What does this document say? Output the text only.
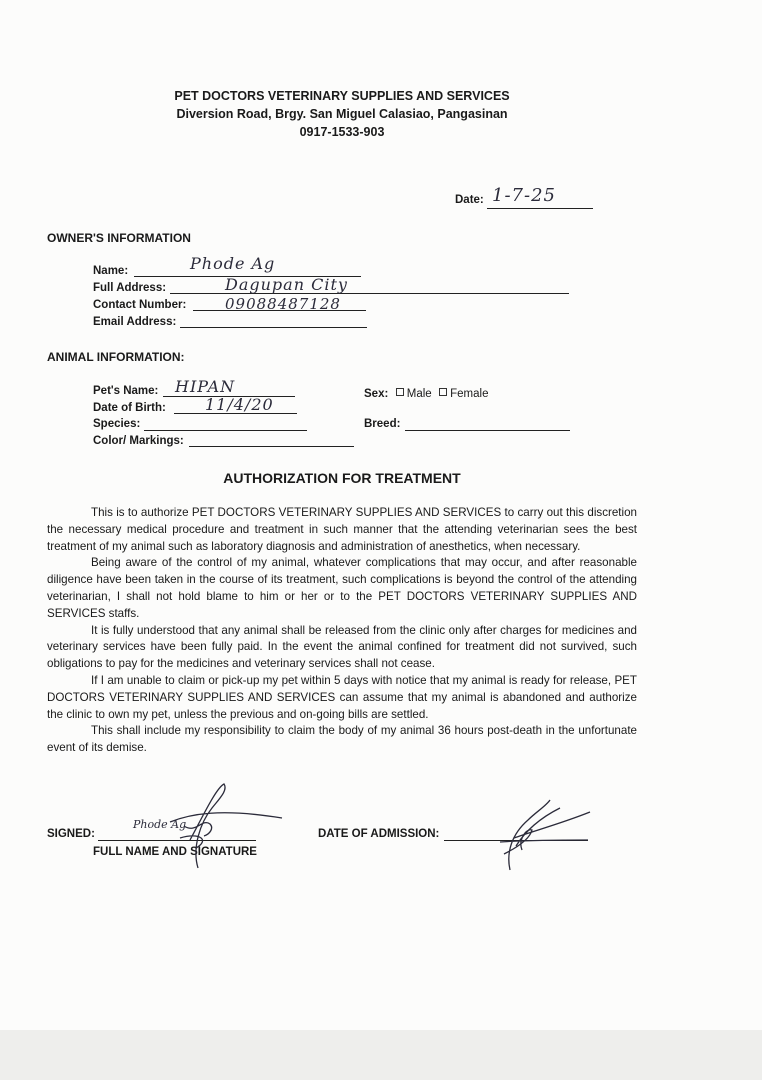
PET DOCTORS VETERINARY SUPPLIES AND SERVICES
Diversion Road, Brgy. San Miguel Calasiao, Pangasinan
0917-1533-903
Date: 1-7-25
OWNER'S INFORMATION
Name:	Phode Ag
Full Address:	Dagupan City
Contact Number:	09088487128
Email Address:
ANIMAL INFORMATION:
Pet's Name: HIPAN
Date of Birth: 11/4/20
Species:
Color/ Markings:
Sex: Male Female
Breed:
AUTHORIZATION FOR TREATMENT

This is to authorize PET DOCTORS VETERINARY SUPPLIES AND SERVICES to carry out this discretion the necessary medical procedure and treatment in such manner that the attending veterinarian sees the best treatment of my animal such as laboratory diagnosis and administration of anesthetics, when necessary.

Being aware of the control of my animal, whatever complications that may occur, and after reasonable diligence have been taken in the course of its treatment, such complications is beyond the control of the attending veterinarian, I shall not hold blame to him or her or to the PET DOCTORS VETERINARY SUPPLIES AND SERVICES staffs.

It is fully understood that any animal shall be released from the clinic only after charges for medicines and veterinary services have been fully paid. In the event the animal confined for treatment did not survived, such obligations to pay for the medicines and veterinary services shall not cease.

If I am unable to claim or pick-up my pet within 5 days with notice that my animal is ready for release, PET DOCTORS VETERINARY SUPPLIES AND SERVICES can assume that my animal is abandoned and authorize the clinic to own my pet, unless the previous and on-going bills are settled.

This shall include my responsibility to claim the body of my animal 36 hours post-death in the unfortunate event of its demise.

SIGNED:
FULL NAME AND SIGNATURE
Phode Ag
DATE OF ADMISSION:
